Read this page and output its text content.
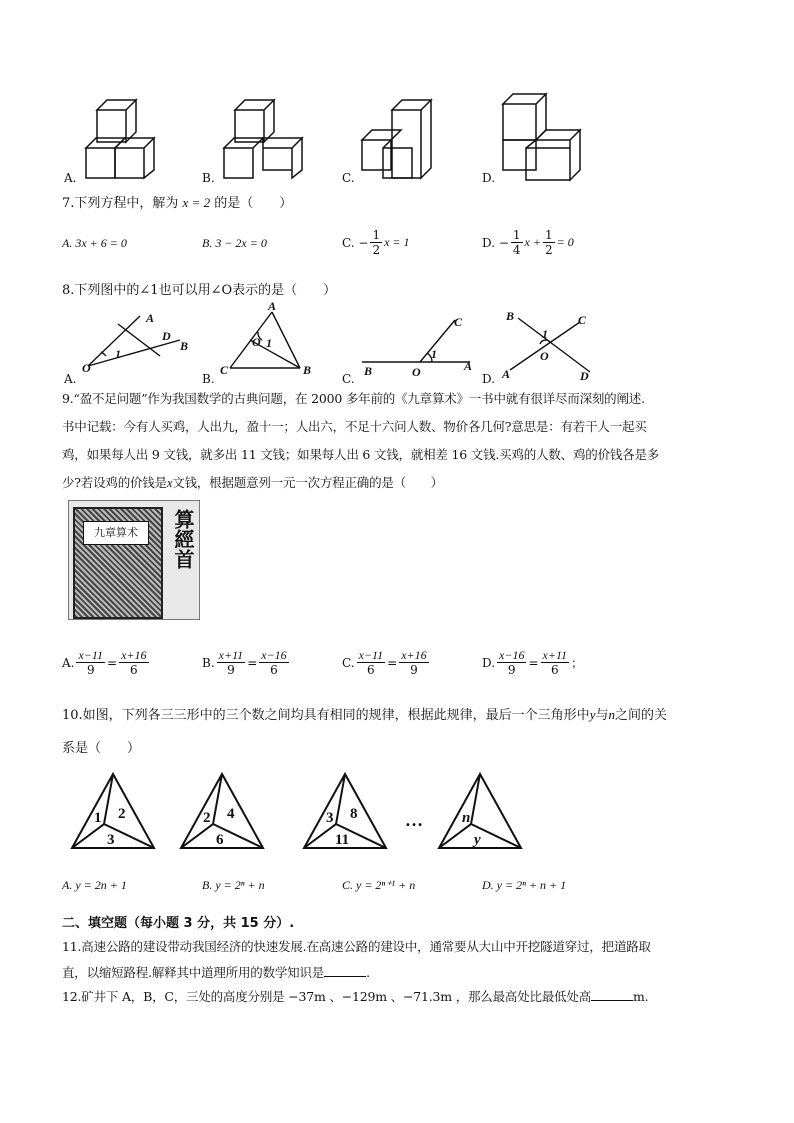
A.	B.	C.	D.
7.下列方程中，解为 x = 2 的是（　　）
A. 3x + 6 = 0	B. 3 − 2x = 0	C. − $\frac{1}{2}$ x = 1	D. − $\frac{1}{4}$ $x + \frac{1}{2} = 0$
8.下列图中的∠1也可以用∠O表示的是（　　）
A
D
B
O
1
A
O 1
C	B
C
1
B	O	A
B	C
1
O
A	D
A.	B.	C.	D.
9.“盈不足问题”作为我国数学的古典问题，在 2000 多年前的《九章算术》一书中就有很详尽而深刻的阐述.
书中记载：今有人买鸡，人出九，盈十一；人出六，不足十六问人数、物价各几何?意思是：有若干人一起买
鸡，如果每人出 9 文钱，就多出 11 文钱；如果每人出 6 文钱，就相差 16 文钱.买鸡的人数、鸡的价钱各是多
少?若设鸡的价钱是x文钱，根据题意列一元一次方程正确的是（　　）
九章算术	算經首
A. $\frac{x-11}{9} = \frac{x+16}{6}$	B. $\frac{x+11}{9} = \frac{x-16}{6}$	C. $\frac{x-11}{6} = \frac{x+16}{9}$	D. $\frac{x-16}{9} = \frac{x+11}{6}$ ；
10.如图，下列各三三形中的三个数之间均具有相同的规律，根据此规律，最后一个三角形中y与n之间的关
系是（　　）
1 2
3
2 4
6
3 8
11
n
y
…
A. y = 2n + 1	B. y = 2ⁿ + n	C. y = 2ⁿ⁺¹ + n	D. y = 2ⁿ + n + 1
二、填空题（每小题 3 分，共 15 分）.
11.高速公路的建设带动我国经济的快速发展.在高速公路的建设中，通常要从大山中开挖隧道穿过，把道路取
直，以缩短路程.解释其中道理所用的数学知识是	.
12.矿井下 A，B，C，三处的高度分别是 −37m 、−129m 、−71.3m ，那么最高处比最低处高	m.
